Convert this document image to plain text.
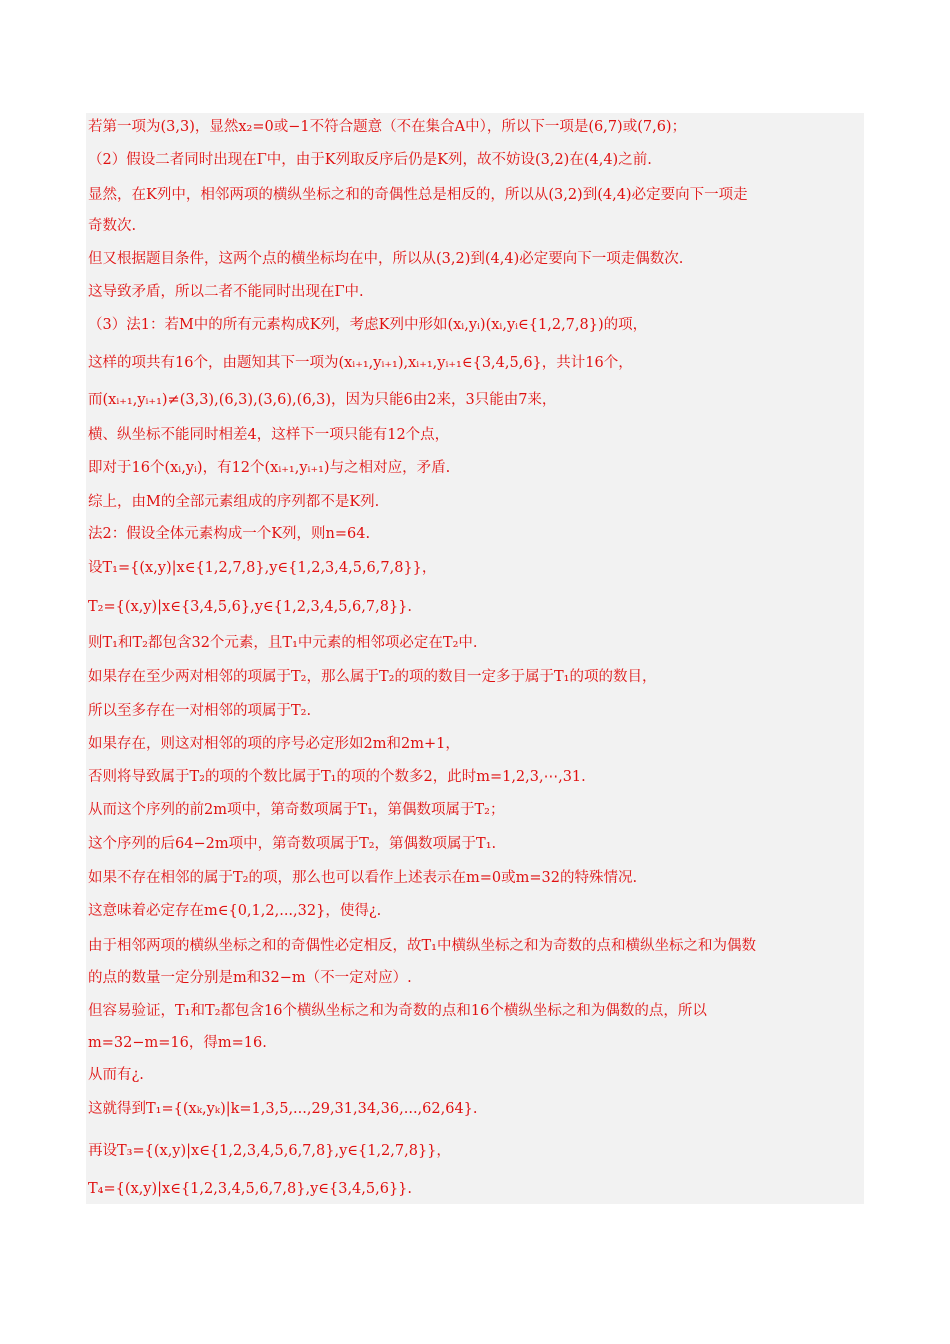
若第一项为(3,3)，显然x₂=0或−1不符合题意（不在集合A中），所以下一项是(6,7)或(7,6)；
（2）假设二者同时出现在Γ中，由于K列取反序后仍是K列，故不妨设(3,2)在(4,4)之前.
显然，在K列中，相邻两项的横纵坐标之和的奇偶性总是相反的，所以从(3,2)到(4,4)必定要向下一项走
奇数次.
但又根据题目条件，这两个点的横坐标均在中，所以从(3,2)到(4,4)必定要向下一项走偶数次.
这导致矛盾，所以二者不能同时出现在Γ中.
（3）法1：若M中的所有元素构成K列，考虑K列中形如(xᵢ,yᵢ)(xᵢ,yᵢ∈{1,2,7,8})的项，
这样的项共有16个，由题知其下一项为(xᵢ₊₁,yᵢ₊₁),xᵢ₊₁,yᵢ₊₁∈{3,4,5,6}，共计16个，
而(xᵢ₊₁,yᵢ₊₁)≠(3,3),(6,3),(3,6),(6,3)，因为只能6由2来，3只能由7来，
横、纵坐标不能同时相差4，这样下一项只能有12个点，
即对于16个(xᵢ,yᵢ)，有12个(xᵢ₊₁,yᵢ₊₁)与之相对应，矛盾.
综上，由M的全部元素组成的序列都不是K列.
法2：假设全体元素构成一个K列，则n=64.
设T₁={(x,y)|x∈{1,2,7,8},y∈{1,2,3,4,5,6,7,8}}，
T₂={(x,y)|x∈{3,4,5,6},y∈{1,2,3,4,5,6,7,8}}.
则T₁和T₂都包含32个元素，且T₁中元素的相邻项必定在T₂中.
如果存在至少两对相邻的项属于T₂，那么属于T₂的项的数目一定多于属于T₁的项的数目，
所以至多存在一对相邻的项属于T₂.
如果存在，则这对相邻的项的序号必定形如2m和2m+1，
否则将导致属于T₂的项的个数比属于T₁的项的个数多2，此时m=1,2,3,⋯,31.
从而这个序列的前2m项中，第奇数项属于T₁，第偶数项属于T₂；
这个序列的后64−2m项中，第奇数项属于T₂，第偶数项属于T₁.
如果不存在相邻的属于T₂的项，那么也可以看作上述表示在m=0或m=32的特殊情况.
这意味着必定存在m∈{0,1,2,...,32}，使得¿.
由于相邻两项的横纵坐标之和的奇偶性必定相反，故T₁中横纵坐标之和为奇数的点和横纵坐标之和为偶数
的点的数量一定分别是m和32−m（不一定对应）.
但容易验证，T₁和T₂都包含16个横纵坐标之和为奇数的点和16个横纵坐标之和为偶数的点，所以
m=32−m=16，得m=16.
从而有¿.
这就得到T₁={(xₖ,yₖ)|k=1,3,5,...,29,31,34,36,...,62,64}.
再设T₃={(x,y)|x∈{1,2,3,4,5,6,7,8},y∈{1,2,7,8}}，
T₄={(x,y)|x∈{1,2,3,4,5,6,7,8},y∈{3,4,5,6}}.
